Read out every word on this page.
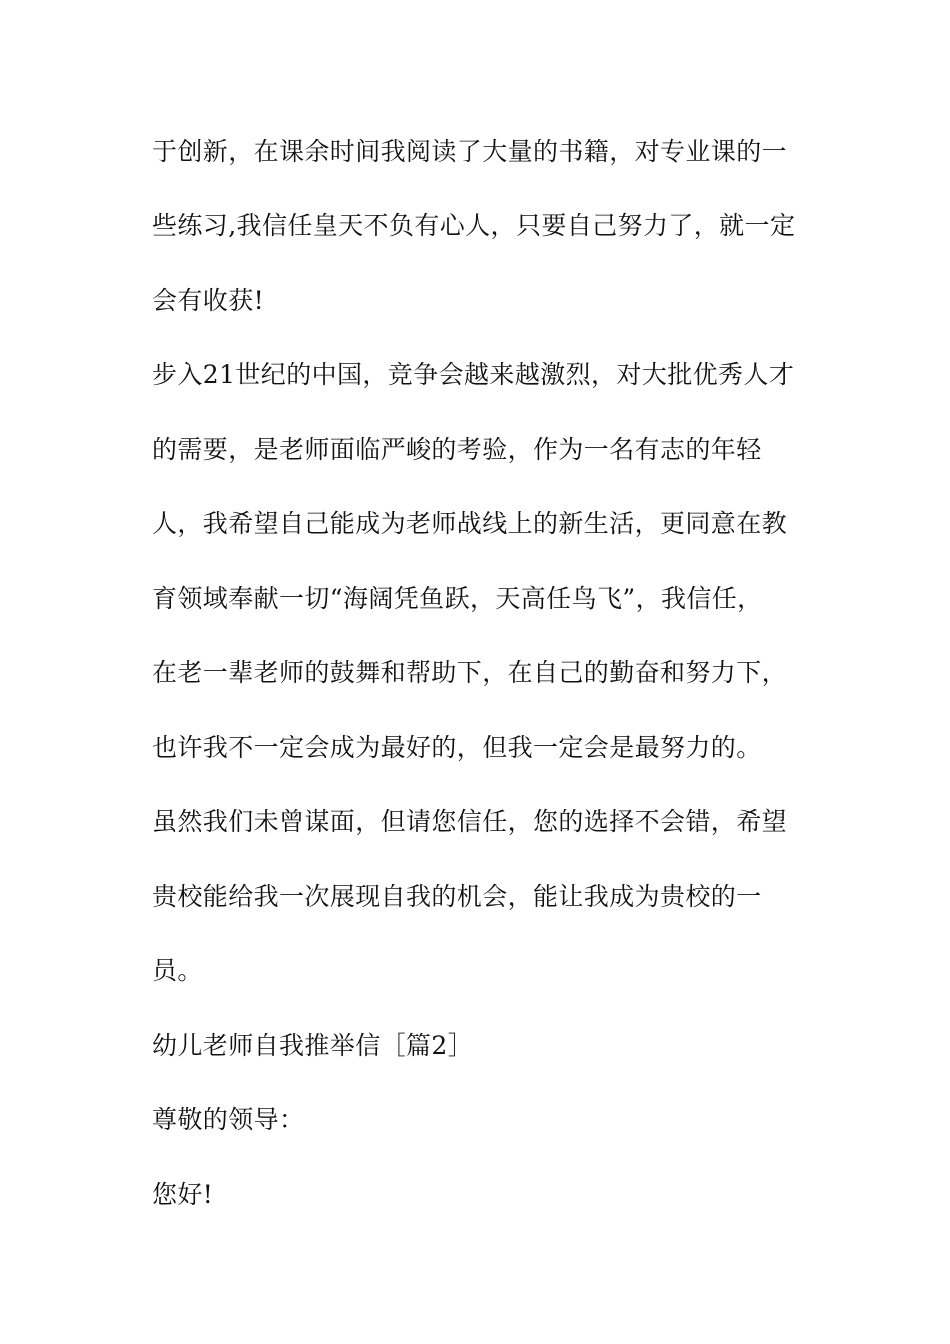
于创新，在课余时间我阅读了大量的书籍，对专业课的一
些练习,我信任皇天不负有心人，只要自己努力了，就一定
会有收获!
步入21世纪的中国，竞争会越来越激烈，对大批优秀人才
的需要，是老师面临严峻的考验，作为一名有志的年轻
人，我希望自己能成为老师战线上的新生活，更同意在教
育领域奉献一切“海阔凭鱼跃，天高任鸟飞”，我信任，
在老一辈老师的鼓舞和帮助下，在自己的勤奋和努力下，
也许我不一定会成为最好的，但我一定会是最努力的。
虽然我们未曾谋面，但请您信任，您的选择不会错，希望
贵校能给我一次展现自我的机会，能让我成为贵校的一
员。
幼儿老师自我推举信［篇2］
尊敬的领导：
您好!
